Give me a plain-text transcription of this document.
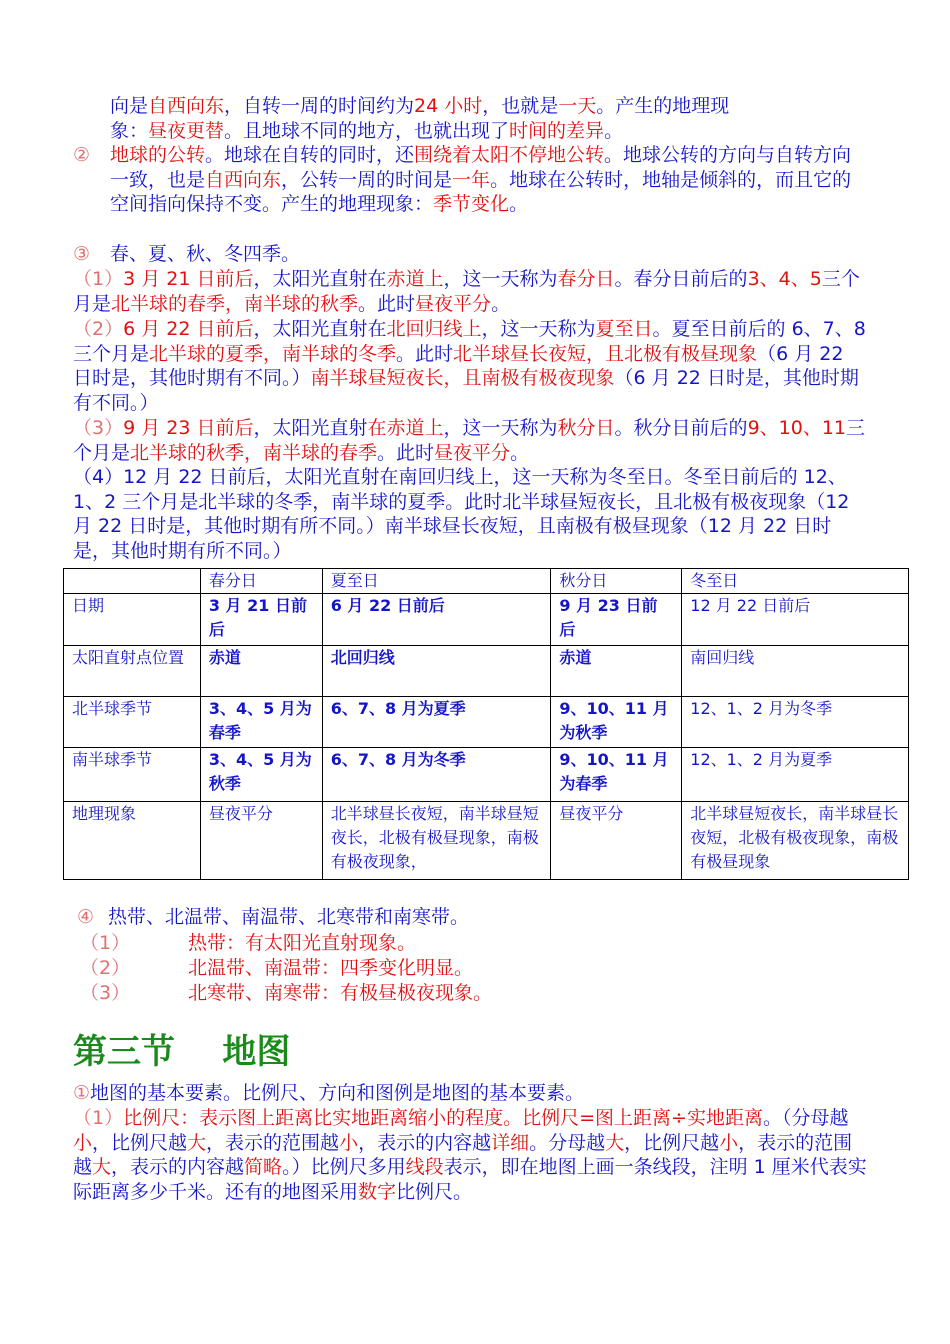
向是自西向东，自转一周的时间约为24 小时，也就是一天。产生的地理现
象：昼夜更替。且地球不同的地方，也就出现了时间的差异。
②	地球的公转。地球在自转的同时，还围绕着太阳不停地公转。地球公转的方向与自转方向一致，也是自西向东，公转一周的时间是一年。地球在公转时，地轴是倾斜的，而且它的空间指向保持不变。产生的地理现象：季节变化。
③	春、夏、秋、冬四季。
（1）3 月 21 日前后，太阳光直射在赤道上，这一天称为春分日。春分日前后的3、4、5三个月是北半球的春季，南半球的秋季。此时昼夜平分。
（2）6 月 22 日前后，太阳光直射在北回归线上，这一天称为夏至日。夏至日前后的 6、7、8 三个月是北半球的夏季，南半球的冬季。此时北半球昼长夜短，且北极有极昼现象（6 月 22 日时是，其他时期有不同。）南半球昼短夜长，且南极有极夜现象（6 月 22 日时是，其他时期有不同。）
（3）9 月 23 日前后，太阳光直射在赤道上，这一天称为秋分日。秋分日前后的9、10、11三个月是北半球的秋季，南半球的春季。此时昼夜平分。
（4）12 月 22 日前后，太阳光直射在南回归线上，这一天称为冬至日。冬至日前后的 12、1、2 三个月是北半球的冬季，南半球的夏季。此时北半球昼短夜长，且北极有极夜现象（12 月 22 日时是，其他时期有所不同。）南半球昼长夜短，且南极有极昼现象（12 月 22 日时是，其他时期有所不同。）
	春分日	夏至日	秋分日	冬至日
日期	3 月 21 日前后	6 月 22 日前后	9 月 23 日前后	12 月 22 日前后
太阳直射点位置	赤道	北回归线	赤道	南回归线
北半球季节	3、4、5 月为春季	6、7、8 月为夏季	9、10、11 月为秋季	12、1、2 月为冬季
南半球季节	3、4、5 月为秋季	6、7、8 月为冬季	9、10、11 月为春季	12、1、2 月为夏季
地理现象	昼夜平分	北半球昼长夜短，南半球昼短夜长，北极有极昼现象，南极有极夜现象，	昼夜平分	北半球昼短夜长，南半球昼长夜短，北极有极夜现象，南极有极昼现象
④ 热带、北温带、南温带、北寒带和南寒带。
（1）	热带：有太阳光直射现象。
（2）	北温带、南温带：四季变化明显。
（3）	北寒带、南寒带：有极昼极夜现象。
第三节    地图
①地图的基本要素。比例尺、方向和图例是地图的基本要素。
（1）比例尺：表示图上距离比实地距离缩小的程度。比例尺=图上距离÷实地距离。（分母越小，比例尺越大，表示的范围越小，表示的内容越详细。分母越大，比例尺越小，表示的范围越大，表示的内容越简略。）比例尺多用线段表示，即在地图上画一条线段，注明 1 厘米代表实际距离多少千米。还有的地图采用数字比例尺。
